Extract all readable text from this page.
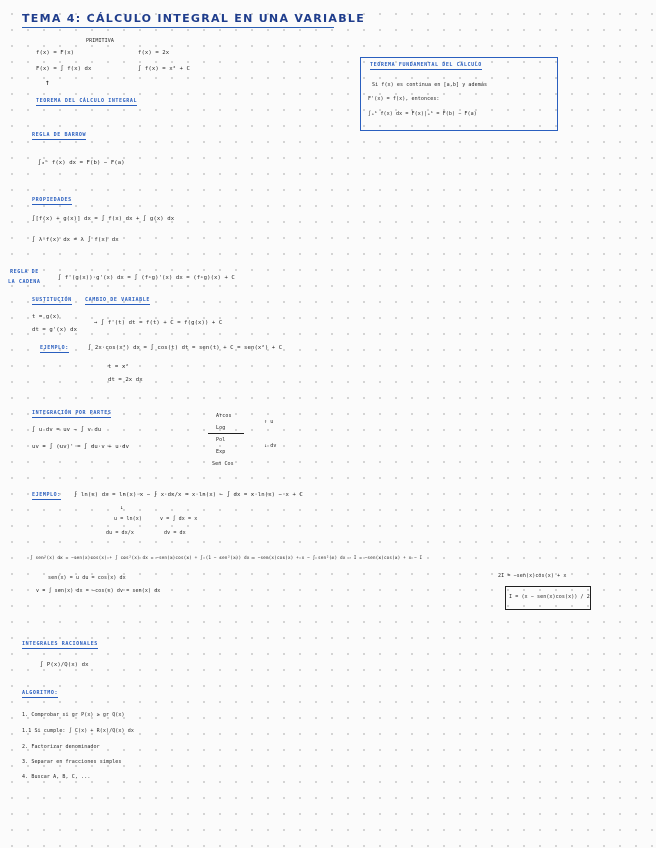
TEMA 4: CÁLCULO INTEGRAL EN UNA VARIABLE
PRIMITIVA
f(x) = F(x)	f(x) = 2x
F(x) = ∫ f(x) dx	∫ f(x) = x² + C
↑
TEOREMA DEL CÁLCULO INTEGRAL
TEOREMA FUNDAMENTAL DEL CÁLCULO
Si f(x) es continua en [a,b] y además
F'(x) = f(x), entonces:
∫ₐᵇ f(x) dx = F(x)|ₐᵇ = F(b) − F(a)
REGLA DE BARROW
∫ₐᵇ f(x) dx = F(b) − F(a)
PROPIEDADES
∫[f(x) + g(x)] dx = ∫ f(x) dx + ∫ g(x) dx
∫ λ·f(x) dx = λ ∫ f(x) dx
REGLA DE
LA CADENA
∫ f'(g(x))·g'(x) dx = ∫ (f∘g)'(x) dx = (f∘g)(x) + C
SUSTITUCIÓN	CAMBIO DE VARIABLE
t = g(x)
dt = g'(x) dx
→ ∫ f'(t) dt = f(t) + C = f(g(x)) + C
EJEMPLO:	∫ 2x·cos(x²) dx = ∫ cos(t) dt = sen(t) + C = sen(x²) + C
t = x²
dt = 2x dx
INTEGRACIÓN POR PARTES
∫ u dv = uv − ∫ v du
uv = ∫ (uv)' = ∫ du·v + u·dv
Arcos
Log
Pol
Exp
Sen Cos
↑ u
↓ dv
EJEMPLO: ∫ ln(x) dx = ln(x)·x − ∫ x·dx/x = x·ln(x) − ∫ dx = x·ln(x) − x + C
↓
u = ln(x)	v = ∫ dx = x
du = dx/x	dv = dx
∫ sen²(x) dx = −sen(x)cos(x) + ∫ cos²(x) dx = −sen(x)cos(x) + ∫ (1 − sen²(x)) dx = −sen(x)cos(x) + x − ∫ sen²(x) dx ⇒ I = −sen(x)cos(x) + x − I
sen(x) = u du = cos(x) dx
v = ∫ sen(x) dx = −cos(x) dv = sen(x) dx
2I = −sen(x)cos(x) + x
I = (x − sen(x)cos(x)) / 2
INTEGRALES RACIONALES
∫ P(x)/Q(x) dx
ALGORITMO:
1. Comprobar si gr P(x) ≥ gr Q(x)
1.1 Si cumple: ∫ C(x) + R(x)/Q(x) dx
2. Factorizar denominador
3. Separar en fracciones simples
4. Buscar A, B, C, ...
